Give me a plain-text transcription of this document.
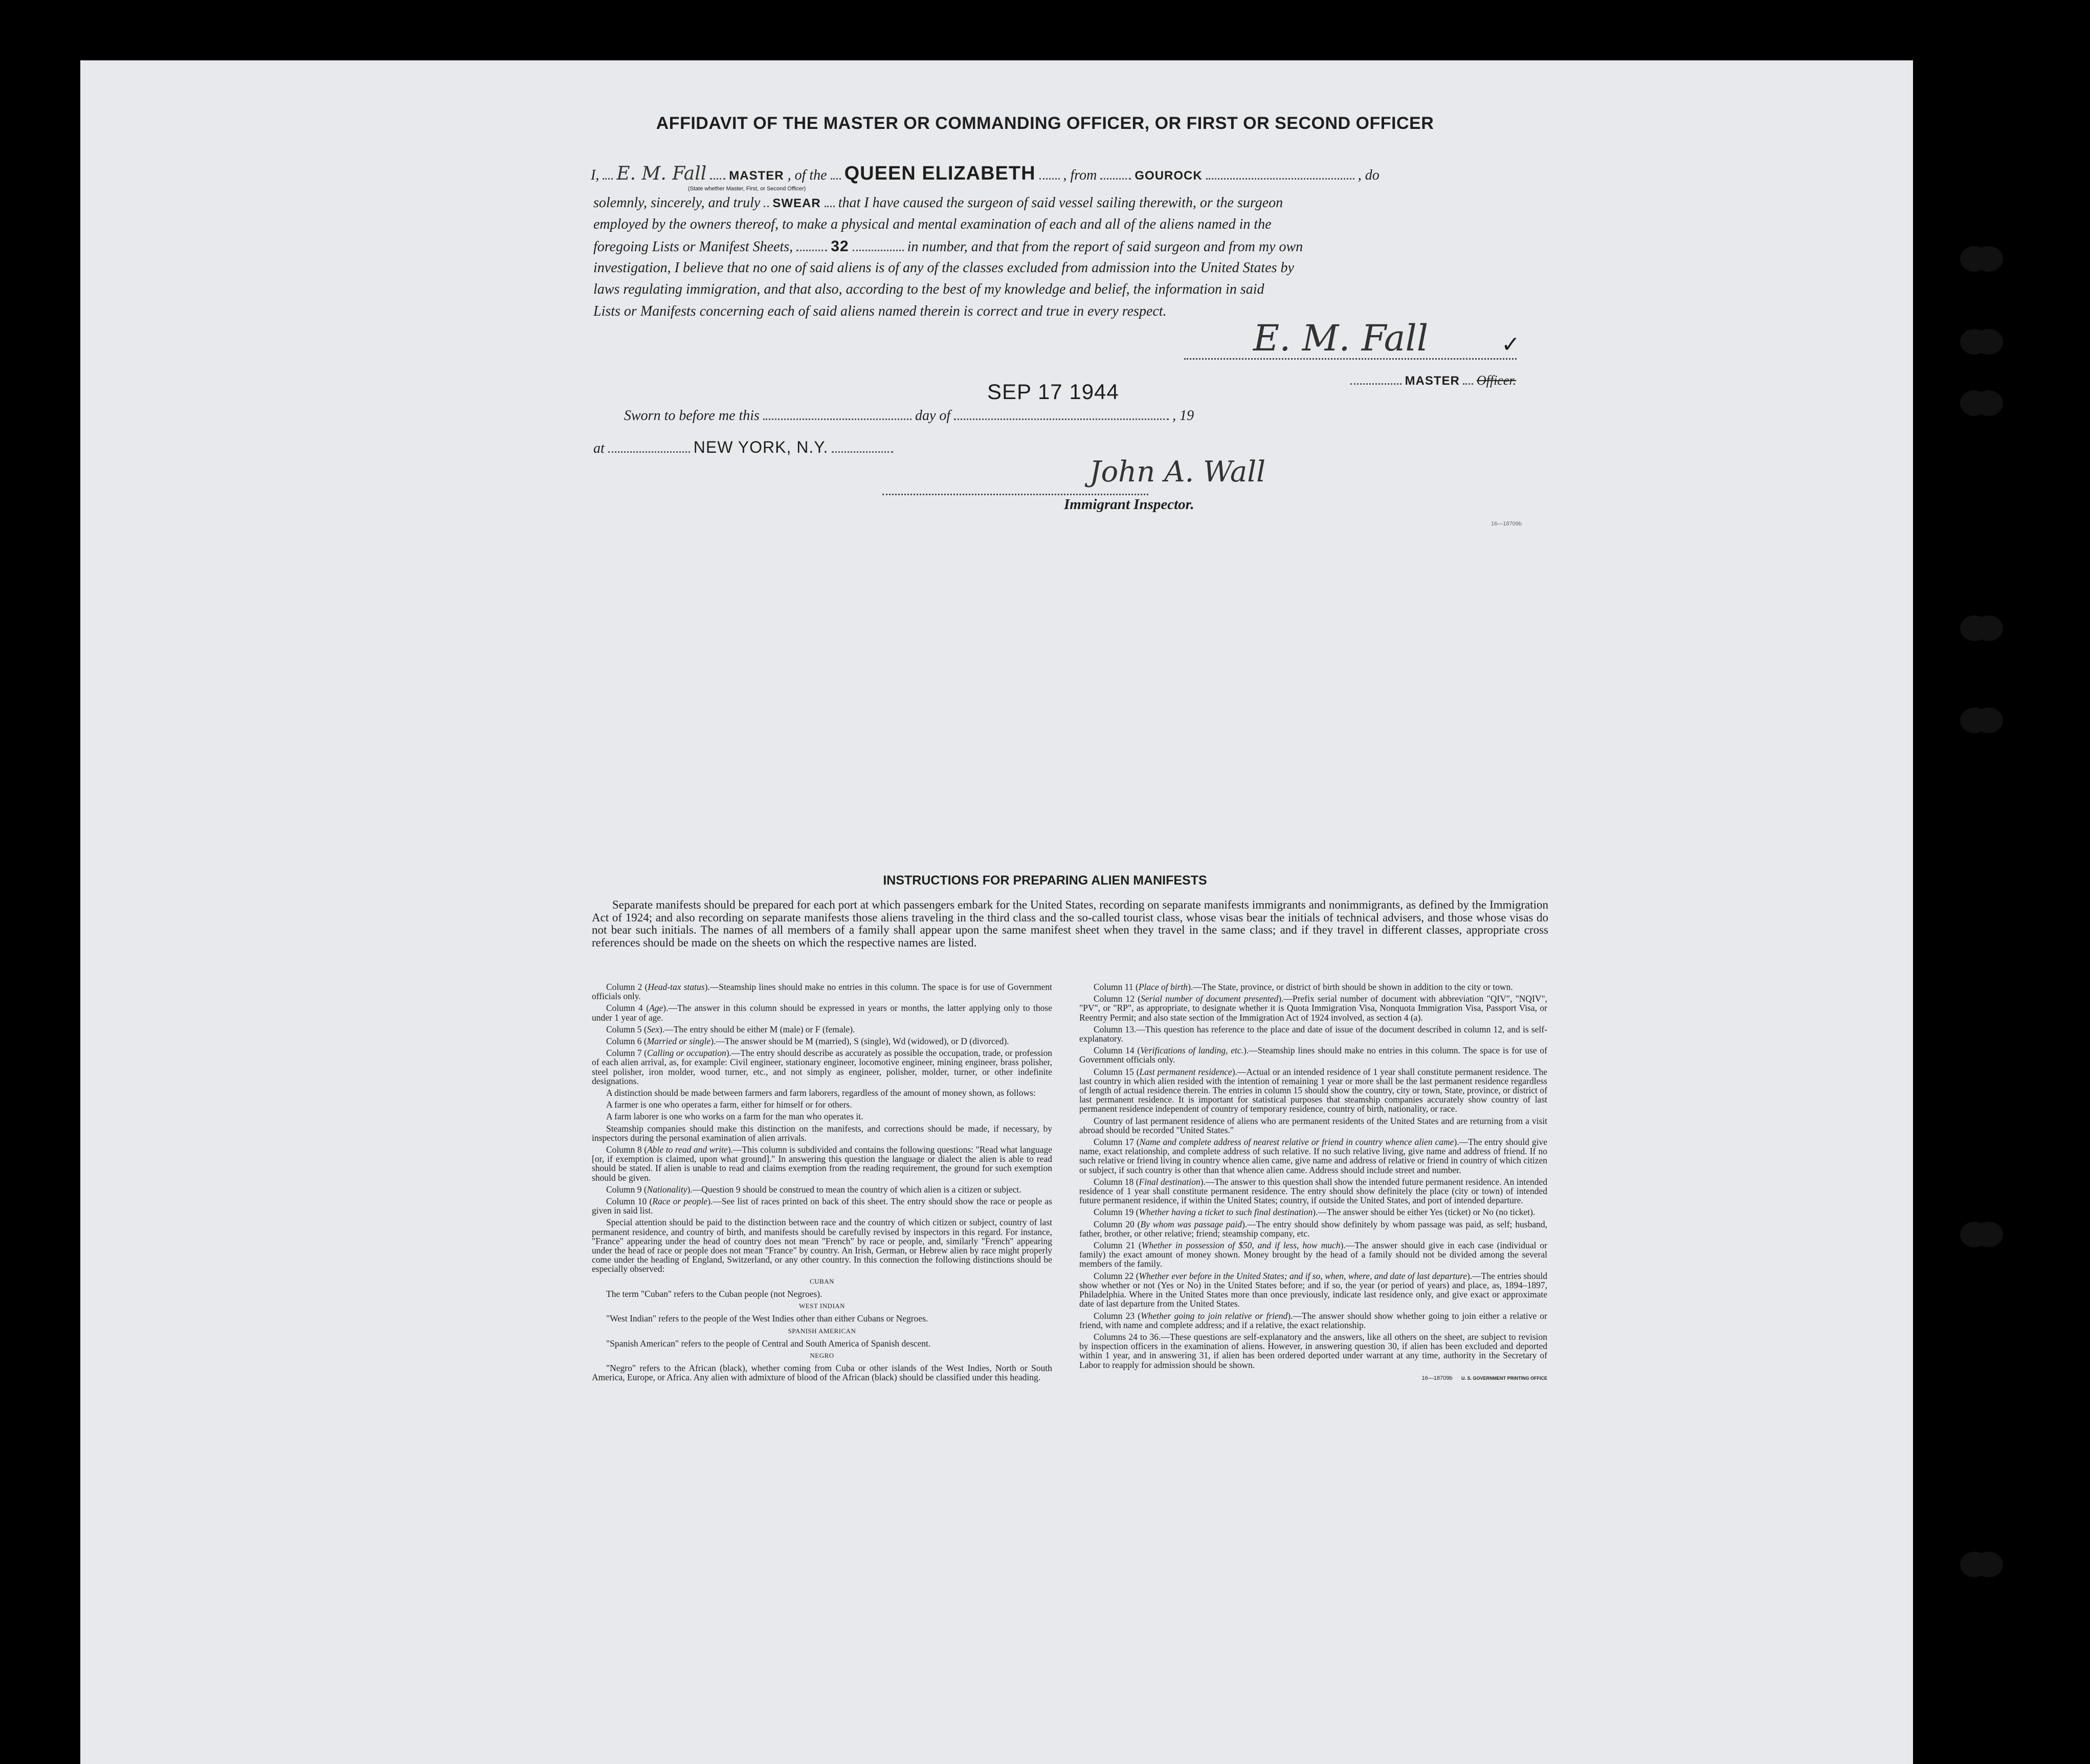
AFFIDAVIT OF THE MASTER OR COMMANDING OFFICER, OR FIRST OR SECOND OFFICER
I, E. M. Fall MASTER , of the QUEEN ELIZABETH , from	GOUROCK	, do
(State whether Master, First, or Second Officer)
solemnly, sincerely, and truly SWEAR that I have caused the surgeon of said vessel sailing therewith, or the surgeon
employed by the owners thereof, to make a physical and mental examination of each and all of the aliens named in the
foregoing Lists or Manifest Sheets, 32	in number, and that from the report of said surgeon and from my own
investigation, I believe that no one of said aliens is of any of the classes excluded from admission into the United States by
laws regulating immigration, and that also, according to the best of my knowledge and belief, the information in said
Lists or Manifests concerning each of said aliens named therein is correct and true in every respect.
E. M. Fall	✓
MASTER Officer.
SEP 17 1944
Sworn to before me this	day of	, 19
at	NEW YORK, N.Y.
John A. Wall
Immigrant Inspector.
16—18709b
INSTRUCTIONS FOR PREPARING ALIEN MANIFESTS
Separate manifests should be prepared for each port at which passengers embark for the United States, recording on separate manifests immigrants and nonimmigrants, as defined by the Immigration Act of 1924; and also recording on separate manifests those aliens traveling in the third class and the so-called tourist class, whose visas bear the initials of technical advisers, and those whose visas do not bear such initials. The names of all members of a family shall appear upon the same manifest sheet when they travel in the same class; and if they travel in different classes, appropriate cross references should be made on the sheets on which the respective names are listed.

Column 2 (Head-tax status).—Steamship lines should make no entries in this column. The space is for use of Government officials only.

Column 4 (Age).—The answer in this column should be expressed in years or months, the latter applying only to those under 1 year of age.

Column 5 (Sex).—The entry should be either M (male) or F (female).

Column 6 (Married or single).—The answer should be M (married), S (single), Wd (widowed), or D (divorced).

Column 7 (Calling or occupation).—The entry should describe as accurately as possible the occupation, trade, or profession of each alien arrival, as, for example: Civil engineer, stationary engineer, locomotive engineer, mining engineer, brass polisher, steel polisher, iron molder, wood turner, etc., and not simply as engineer, polisher, molder, turner, or other indefinite designations.

A distinction should be made between farmers and farm laborers, regardless of the amount of money shown, as follows:

A farmer is one who operates a farm, either for himself or for others.

A farm laborer is one who works on a farm for the man who operates it.

Steamship companies should make this distinction on the manifests, and corrections should be made, if necessary, by inspectors during the personal examination of alien arrivals.

Column 8 (Able to read and write).—This column is subdivided and contains the following questions: "Read what language [or, if exemption is claimed, upon what ground]." In answering this question the language or dialect the alien is able to read should be stated. If alien is unable to read and claims exemption from the reading requirement, the ground for such exemption should be given.

Column 9 (Nationality).—Question 9 should be construed to mean the country of which alien is a citizen or subject.

Column 10 (Race or people).—See list of races printed on back of this sheet. The entry should show the race or people as given in said list.

Special attention should be paid to the distinction between race and the country of which citizen or subject, country of last permanent residence, and country of birth, and manifests should be carefully revised by inspectors in this regard. For instance, "France" appearing under the head of country does not mean "French" by race or people, and, similarly "French" appearing under the head of race or people does not mean "France" by country. An Irish, German, or Hebrew alien by race might properly come under the heading of England, Switzerland, or any other country. In this connection the following distinctions should be especially observed:

CUBAN

The term "Cuban" refers to the Cuban people (not Negroes).

WEST INDIAN

"West Indian" refers to the people of the West Indies other than either Cubans or Negroes.

SPANISH AMERICAN

"Spanish American" refers to the people of Central and South America of Spanish descent.

NEGRO

"Negro" refers to the African (black), whether coming from Cuba or other islands of the West Indies, North or South America, Europe, or Africa. Any alien with admixture of blood of the African (black) should be classified under this heading.

Column 11 (Place of birth).—The State, province, or district of birth should be shown in addition to the city or town.

Column 12 (Serial number of document presented).—Prefix serial number of document with abbreviation "QIV", "NQIV", "PV", or "RP", as appropriate, to designate whether it is Quota Immigration Visa, Nonquota Immigration Visa, Passport Visa, or Reentry Permit; and also state section of the Immigration Act of 1924 involved, as section 4 (a).

Column 13.—This question has reference to the place and date of issue of the document described in column 12, and is self-explanatory.

Column 14 (Verifications of landing, etc.).—Steamship lines should make no entries in this column. The space is for use of Government officials only.

Column 15 (Last permanent residence).—Actual or an intended residence of 1 year shall constitute permanent residence. The last country in which alien resided with the intention of remaining 1 year or more shall be the last permanent residence regardless of length of actual residence therein. The entries in column 15 should show the country, city or town, State, province, or district of last permanent residence. It is important for statistical purposes that steamship companies accurately show country of last permanent residence independent of country of temporary residence, country of birth, nationality, or race.

Country of last permanent residence of aliens who are permanent residents of the United States and are returning from a visit abroad should be recorded "United States."

Column 17 (Name and complete address of nearest relative or friend in country whence alien came).—The entry should give name, exact relationship, and complete address of such relative. If no such relative living, give name and address of friend. If no such relative or friend living in country whence alien came, give name and address of relative or friend in country of which citizen or subject, if such country is other than that whence alien came. Address should include street and number.

Column 18 (Final destination).—The answer to this question shall show the intended future permanent residence. An intended residence of 1 year shall constitute permanent residence. The entry should show definitely the place (city or town) of intended future permanent residence, if within the United States; country, if outside the United States, and port of intended departure.

Column 19 (Whether having a ticket to such final destination).—The answer should be either Yes (ticket) or No (no ticket).

Column 20 (By whom was passage paid).—The entry should show definitely by whom passage was paid, as self; husband, father, brother, or other relative; friend; steamship company, etc.

Column 21 (Whether in possession of $50, and if less, how much).—The answer should give in each case (individual or family) the exact amount of money shown. Money brought by the head of a family should not be divided among the several members of the family.

Column 22 (Whether ever before in the United States; and if so, when, where, and date of last departure).—The entries should show whether or not (Yes or No) in the United States before; and if so, the year (or period of years) and place, as, 1894–1897, Philadelphia. Where in the United States more than once previously, indicate last residence only, and give exact or approximate date of last departure from the United States.

Column 23 (Whether going to join relative or friend).—The answer should show whether going to join either a relative or friend, with name and complete address; and if a relative, the exact relationship.

Columns 24 to 36.—These questions are self-explanatory and the answers, like all others on the sheet, are subject to revision by inspection officers in the examination of aliens. However, in answering question 30, if alien has been excluded and deported within 1 year, and in answering 31, if alien has been ordered deported under warrant at any time, authority in the Secretary of Labor to reapply for admission should be shown.

16—18709b U. S. GOVERNMENT PRINTING OFFICE
